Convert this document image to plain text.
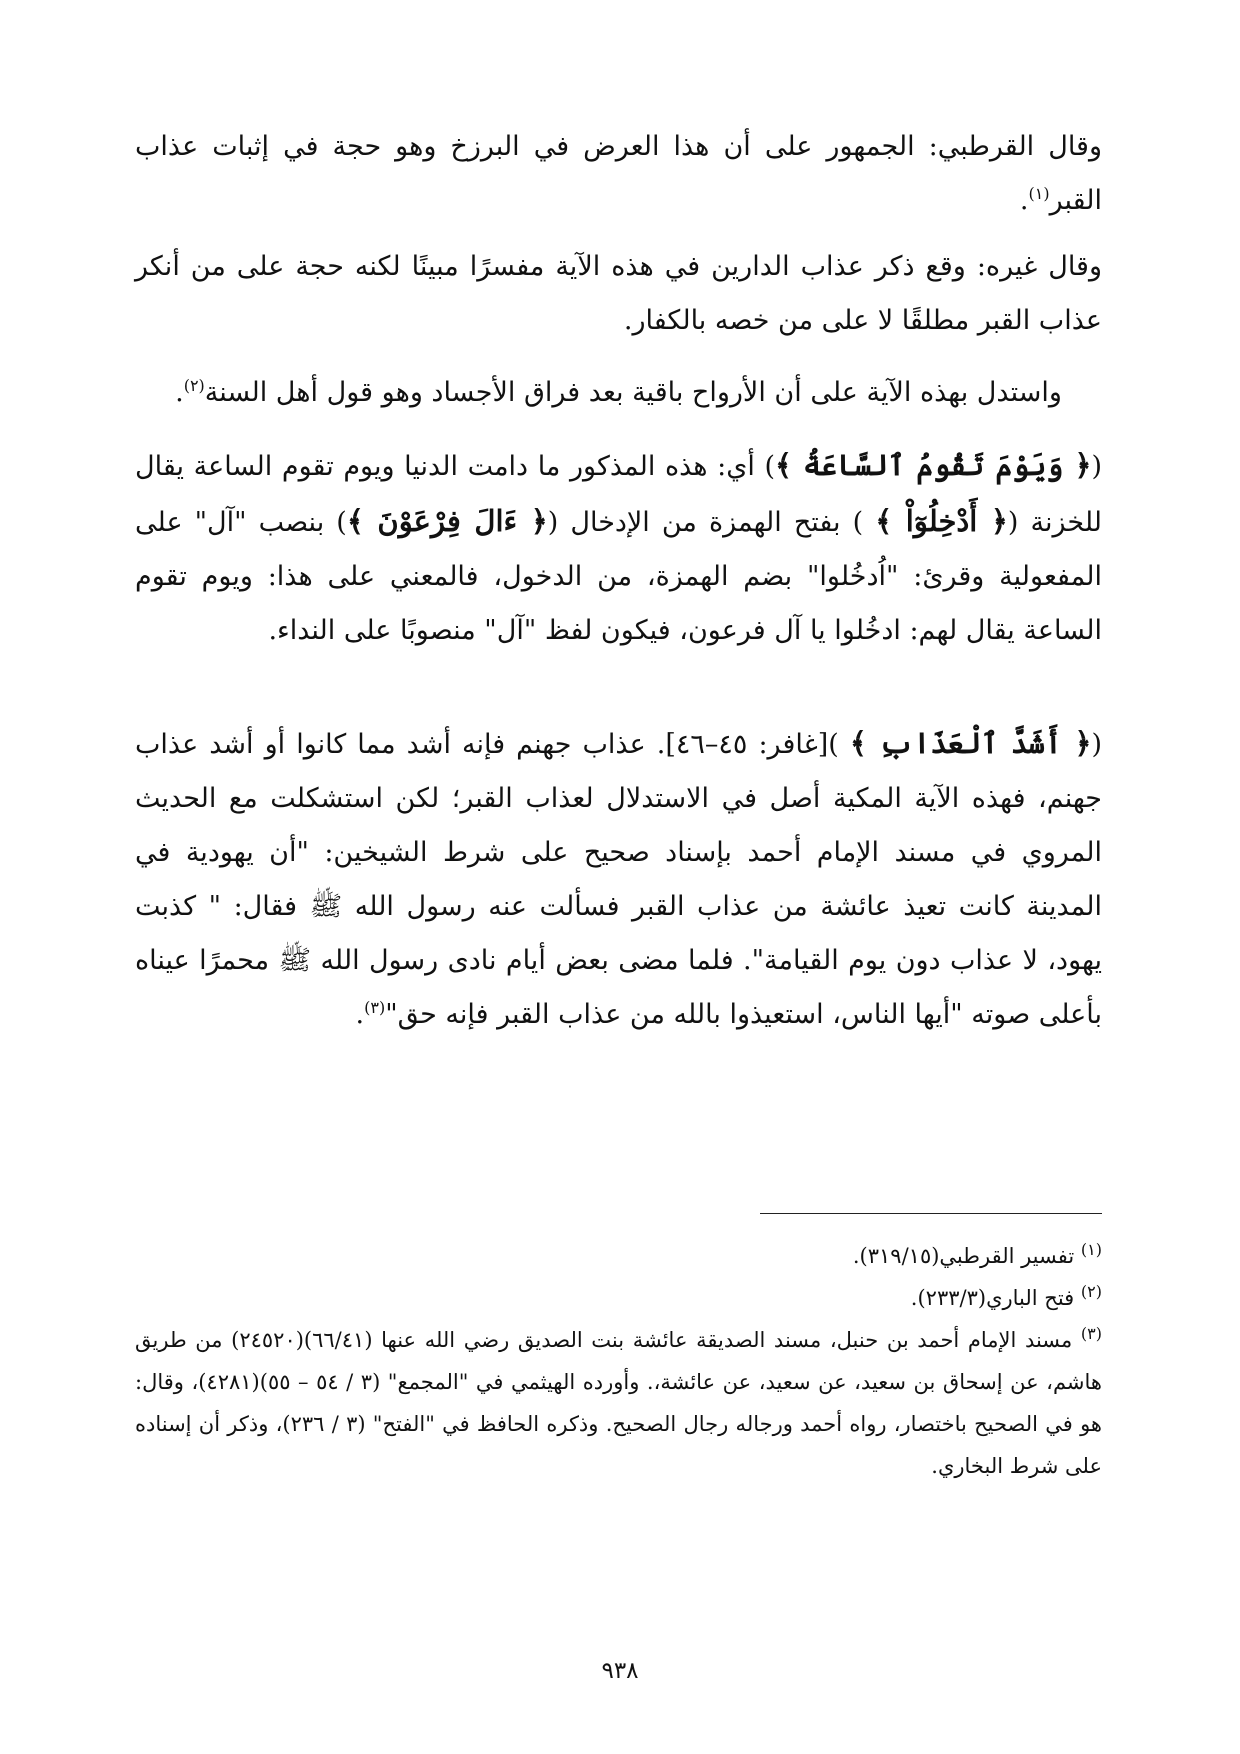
وقال القرطبي: الجمهور على أن هذا العرض في البرزخ وهو حجة في إثبات عذاب القبر$^{(١)}$.

وقال غيره: وقع ذكر عذاب الدارين في هذه الآية مفسرًا مبينًا لكنه حجة على من أنكر عذاب القبر مطلقًا لا على من خصه بالكفار.

واستدل بهذه الآية على أن الأرواح باقية بعد فراق الأجساد وهو قول أهل السنة$^{(٢)}$.

(﴿ وَيَوْمَ تَقُومُ ٱلسَّاعَةُ ﴾) أي: هذه المذكور ما دامت الدنيا ويوم تقوم الساعة يقال للخزنة (﴿ أَدْخِلُوٓاْ ﴾ ) بفتح الهمزة من الإدخال (﴿ ءَالَ فِرْعَوْنَ ﴾) بنصب "آل" على المفعولية وقرئ: "اُدخُلوا" بضم الهمزة، من الدخول، فالمعني على هذا: ويوم تقوم الساعة يقال لهم: ادخُلوا يا آل فرعون، فيكون لفظ "آل" منصوبًا على النداء.

(﴿ أَشَدَّ ٱلْعَذَابِ ﴾ )[غافر: ٤٥–٤٦]. عذاب جهنم فإنه أشد مما كانوا أو أشد عذاب جهنم، فهذه الآية المكية أصل في الاستدلال لعذاب القبر؛ لكن استشكلت مع الحديث المروي في مسند الإمام أحمد بإسناد صحيح على شرط الشيخين: "أن يهودية في المدينة كانت تعيذ عائشة من عذاب القبر فسألت عنه رسول الله ﷺ فقال: " كذبت يهود، لا عذاب دون يوم القيامة". فلما مضى بعض أيام نادى رسول الله ﷺ محمرًا عيناه بأعلى صوته "أيها الناس، استعيذوا بالله من عذاب القبر فإنه حق"$^{(٣)}$.

$^{(١)}$ تفسير القرطبي(٣١٩/١٥).

$^{(٢)}$ فتح الباري(٢٣٣/٣).

$^{(٣)}$ مسند الإمام أحمد بن حنبل، مسند الصديقة عائشة بنت الصديق رضي الله عنها (٦٦/٤١)(٢٤٥٢٠) من طريق هاشم، عن إسحاق بن سعيد، عن سعيد، عن عائشة،. وأورده الهيثمي في "المجمع" (٣ / ٥٤ – ٥٥)(٤٢٨١)، وقال: هو في الصحيح باختصار، رواه أحمد ورجاله رجال الصحيح. وذكره الحافظ في "الفتح" (٣ / ٢٣٦)، وذكر أن إسناده على شرط البخاري.

٩٣٨
